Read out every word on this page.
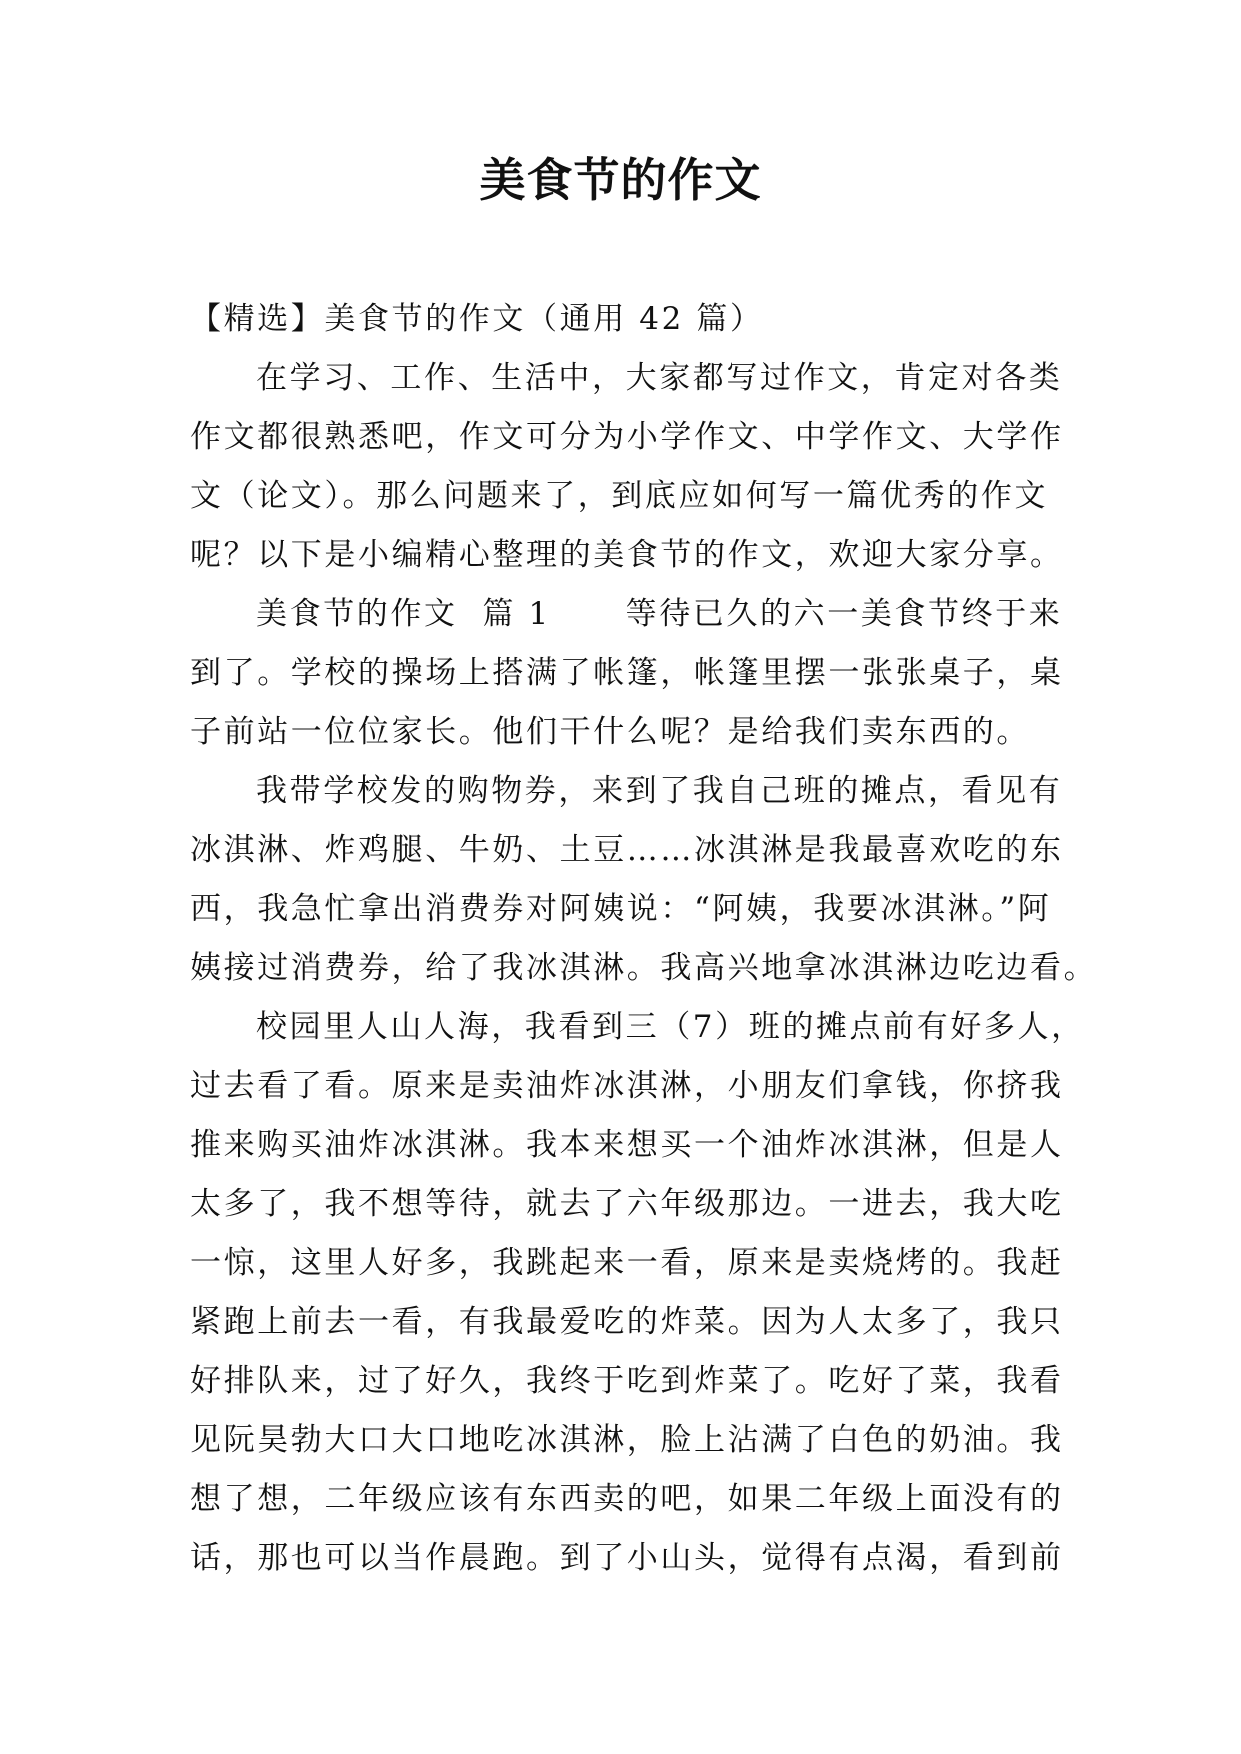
美食节的作文
【精选】美食节的作文（通用 42 篇）
在学习、工作、生活中，大家都写过作文，肯定对各类
作文都很熟悉吧，作文可分为小学作文、中学作文、大学作
文（论文）。那么问题来了，到底应如何写一篇优秀的作文
呢？以下是小编精心整理的美食节的作文，欢迎大家分享。
美食节的作文  篇 1      等待已久的六一美食节终于来
到了。学校的操场上搭满了帐篷，帐篷里摆一张张桌子，桌
子前站一位位家长。他们干什么呢？是给我们卖东西的。
我带学校发的购物券，来到了我自己班的摊点，看见有
冰淇淋、炸鸡腿、牛奶、土豆……冰淇淋是我最喜欢吃的东
西，我急忙拿出消费券对阿姨说：“阿姨，我要冰淇淋。”阿
姨接过消费券，给了我冰淇淋。我高兴地拿冰淇淋边吃边看。
校园里人山人海，我看到三（7）班的摊点前有好多人，
过去看了看。原来是卖油炸冰淇淋，小朋友们拿钱，你挤我
推来购买油炸冰淇淋。我本来想买一个油炸冰淇淋，但是人
太多了，我不想等待，就去了六年级那边。一进去，我大吃
一惊，这里人好多，我跳起来一看，原来是卖烧烤的。我赶
紧跑上前去一看，有我最爱吃的炸菜。因为人太多了，我只
好排队来，过了好久，我终于吃到炸菜了。吃好了菜，我看
见阮昊勃大口大口地吃冰淇淋，脸上沾满了白色的奶油。我
想了想，二年级应该有东西卖的吧，如果二年级上面没有的
话，那也可以当作晨跑。到了小山头，觉得有点渴，看到前
